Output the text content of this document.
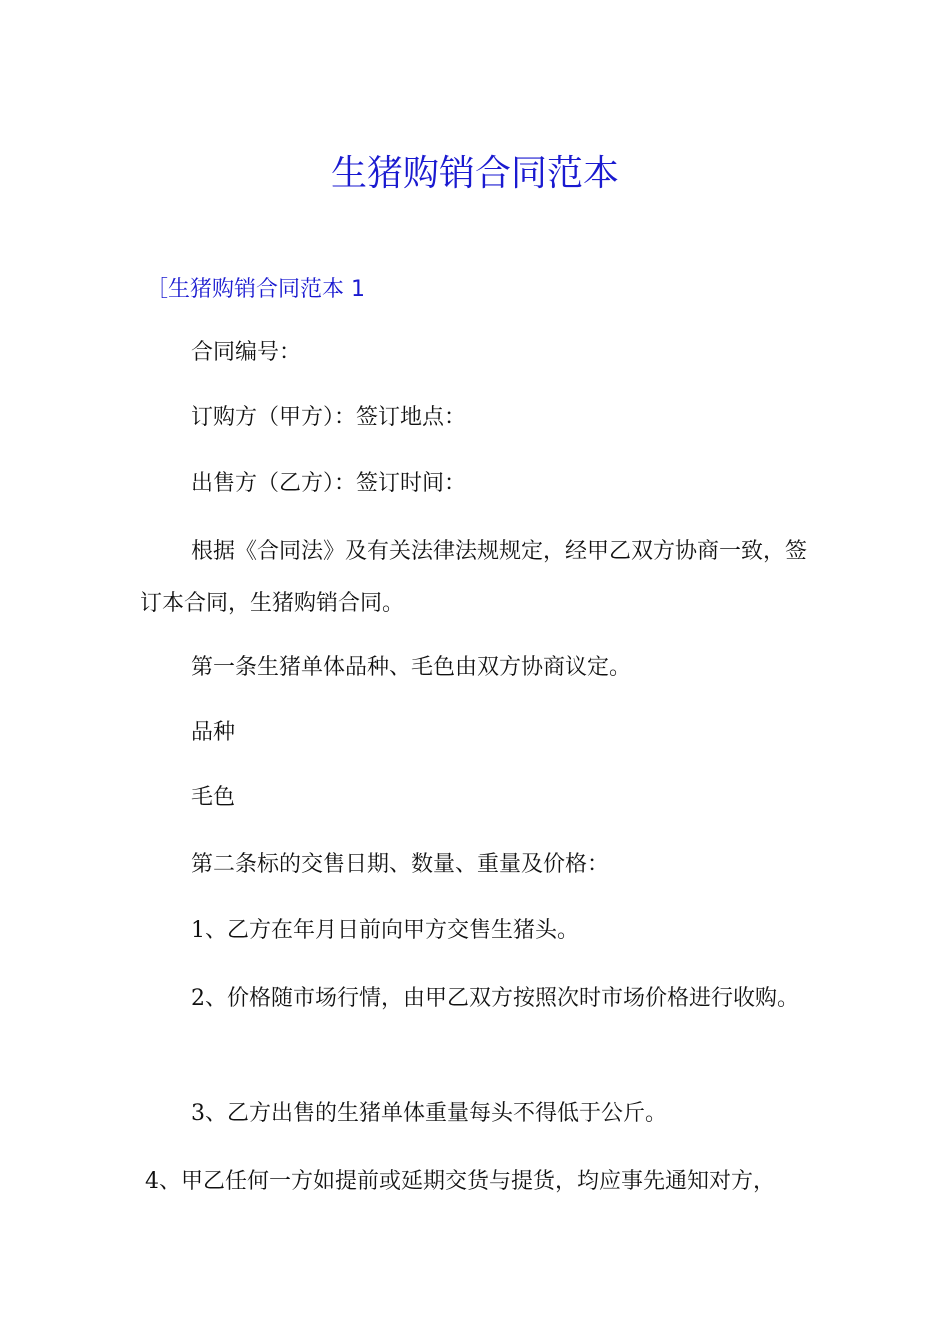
生猪购销合同范本
［生猪购销合同范本 1

合同编号：

订购方（甲方）：签订地点：

出售方（乙方）：签订时间：

根据《合同法》及有关法律法规规定，经甲乙双方协商一致，签订本合同，生猪购销合同。

第一条生猪单体品种、毛色由双方协商议定。

品种

毛色

第二条标的交售日期、数量、重量及价格：

1、乙方在年月日前向甲方交售生猪头。

2、价格随市场行情，由甲乙双方按照次时市场价格进行收购。

3、乙方出售的生猪单体重量每头不得低于公斤。

4、甲乙任何一方如提前或延期交货与提货，均应事先通知对方，
